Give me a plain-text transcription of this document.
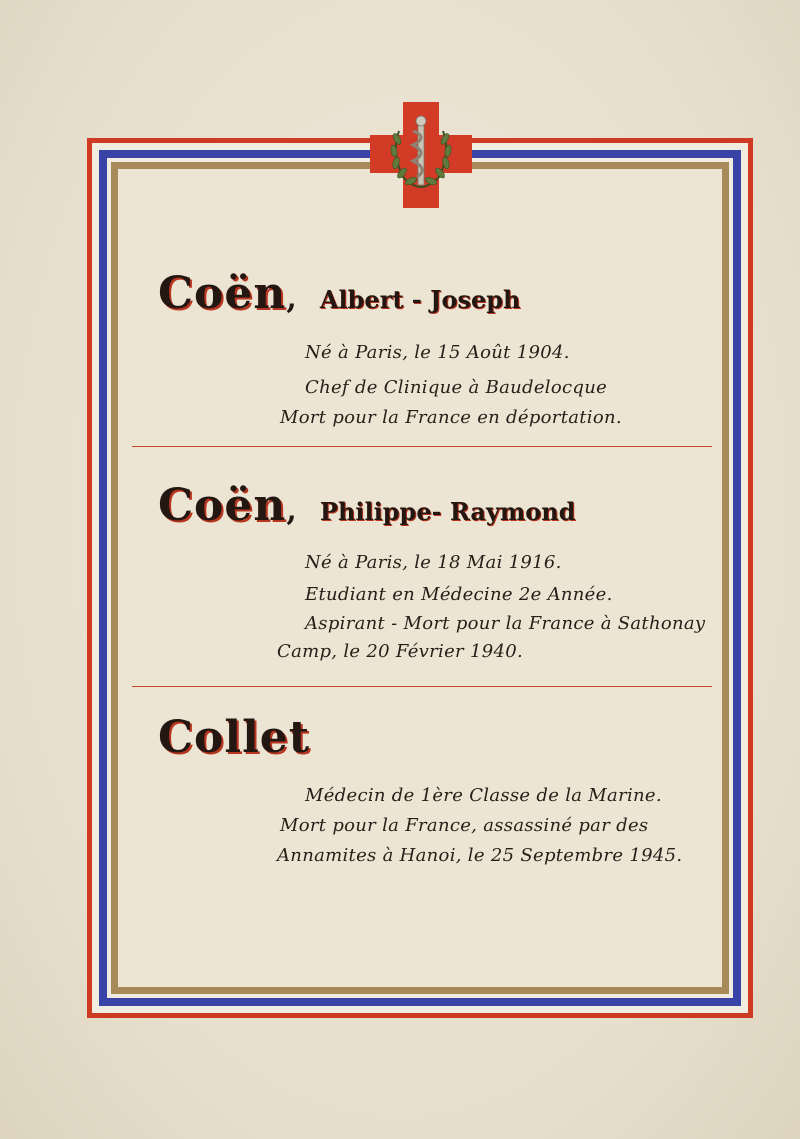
Coën, Albert - Joseph
Né à Paris, le 15 Août 1904.
Chef de Clinique à Baudelocque
Mort pour la France en déportation.
Coën, Philippe- Raymond
Né à Paris, le 18 Mai 1916.
Etudiant en Médecine 2e Année.
Aspirant - Mort pour la France à Sathonay
Camp, le 20 Février 1940.
Collet
Médecin de 1ère Classe de la Marine.
Mort pour la France, assassiné par des
Annamites à Hanoi, le 25 Septembre 1945.
